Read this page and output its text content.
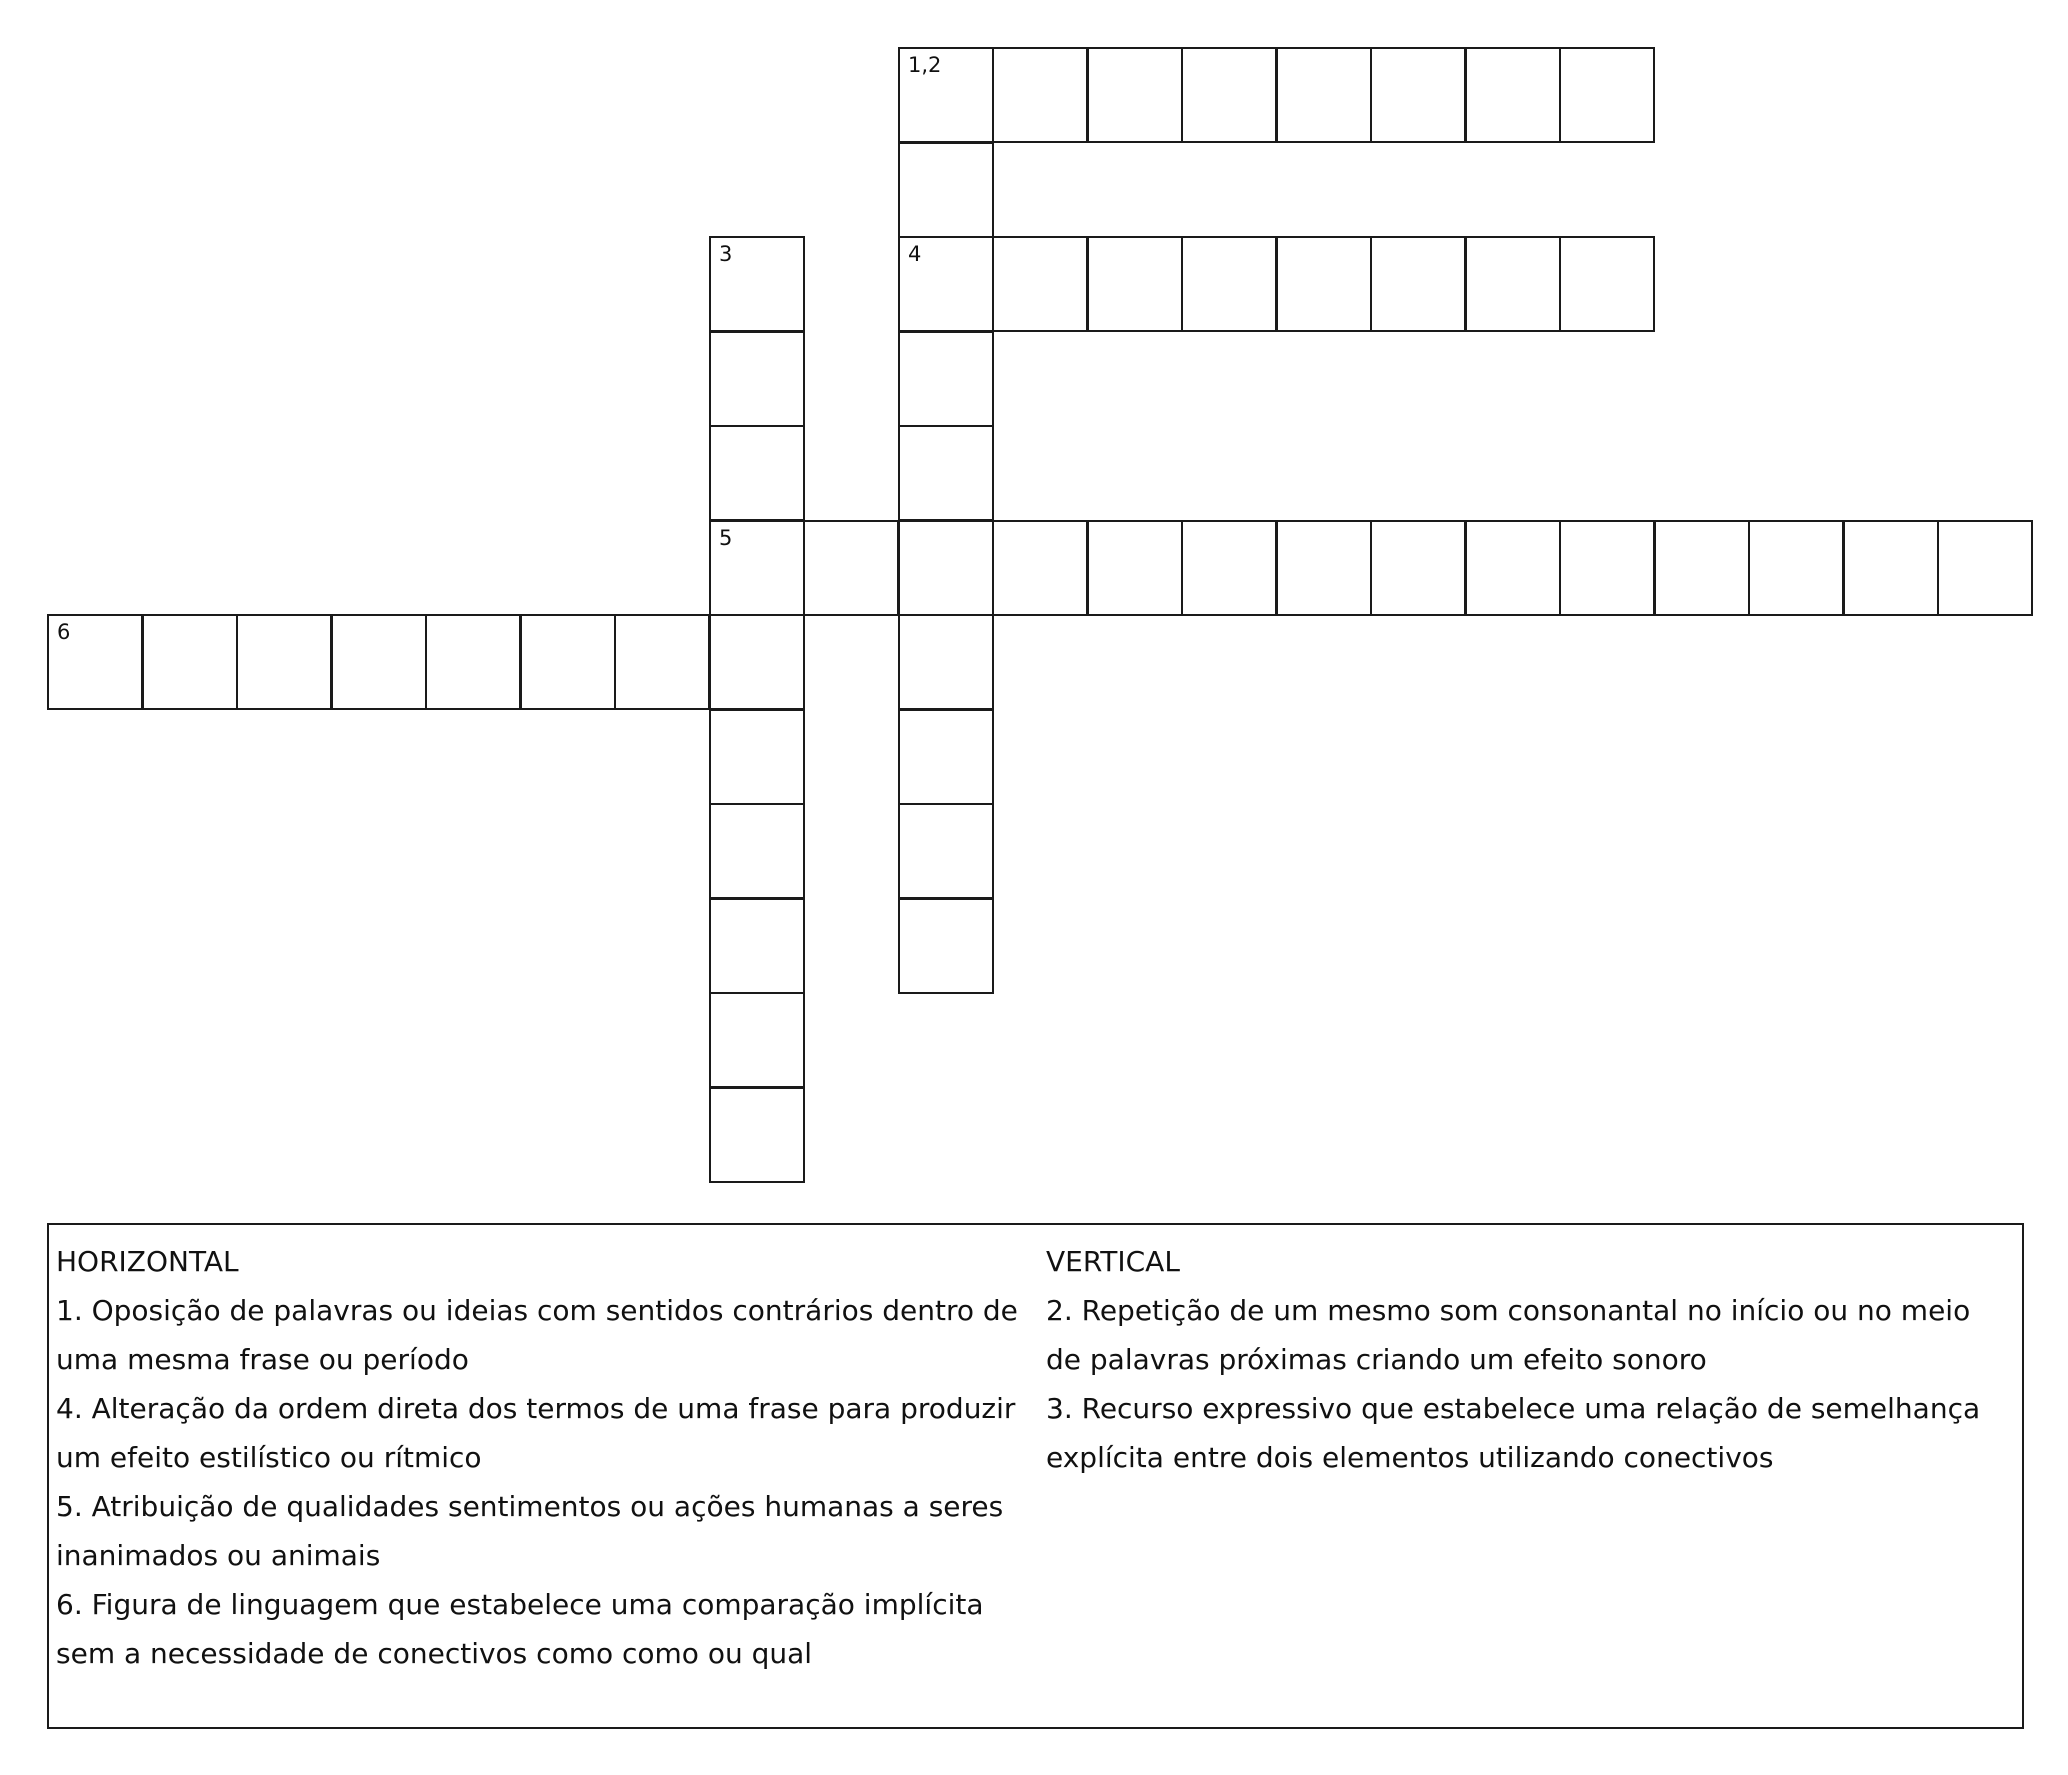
1,2
4
3
5
6

HORIZONTAL

1. Oposição de palavras ou ideias com sentidos contrários dentro de uma mesma frase ou período

4. Alteração da ordem direta dos termos de uma frase para produzir um efeito estilístico ou rítmico

5. Atribuição de qualidades sentimentos ou ações humanas a seres inanimados ou animais

6. Figura de linguagem que estabelece uma comparação implícita sem a necessidade de conectivos como como ou qual

VERTICAL

2. Repetição de um mesmo som consonantal no início ou no meio de palavras próximas criando um efeito sonoro

3. Recurso expressivo que estabelece uma relação de semelhança explícita entre dois elementos utilizando conectivos
